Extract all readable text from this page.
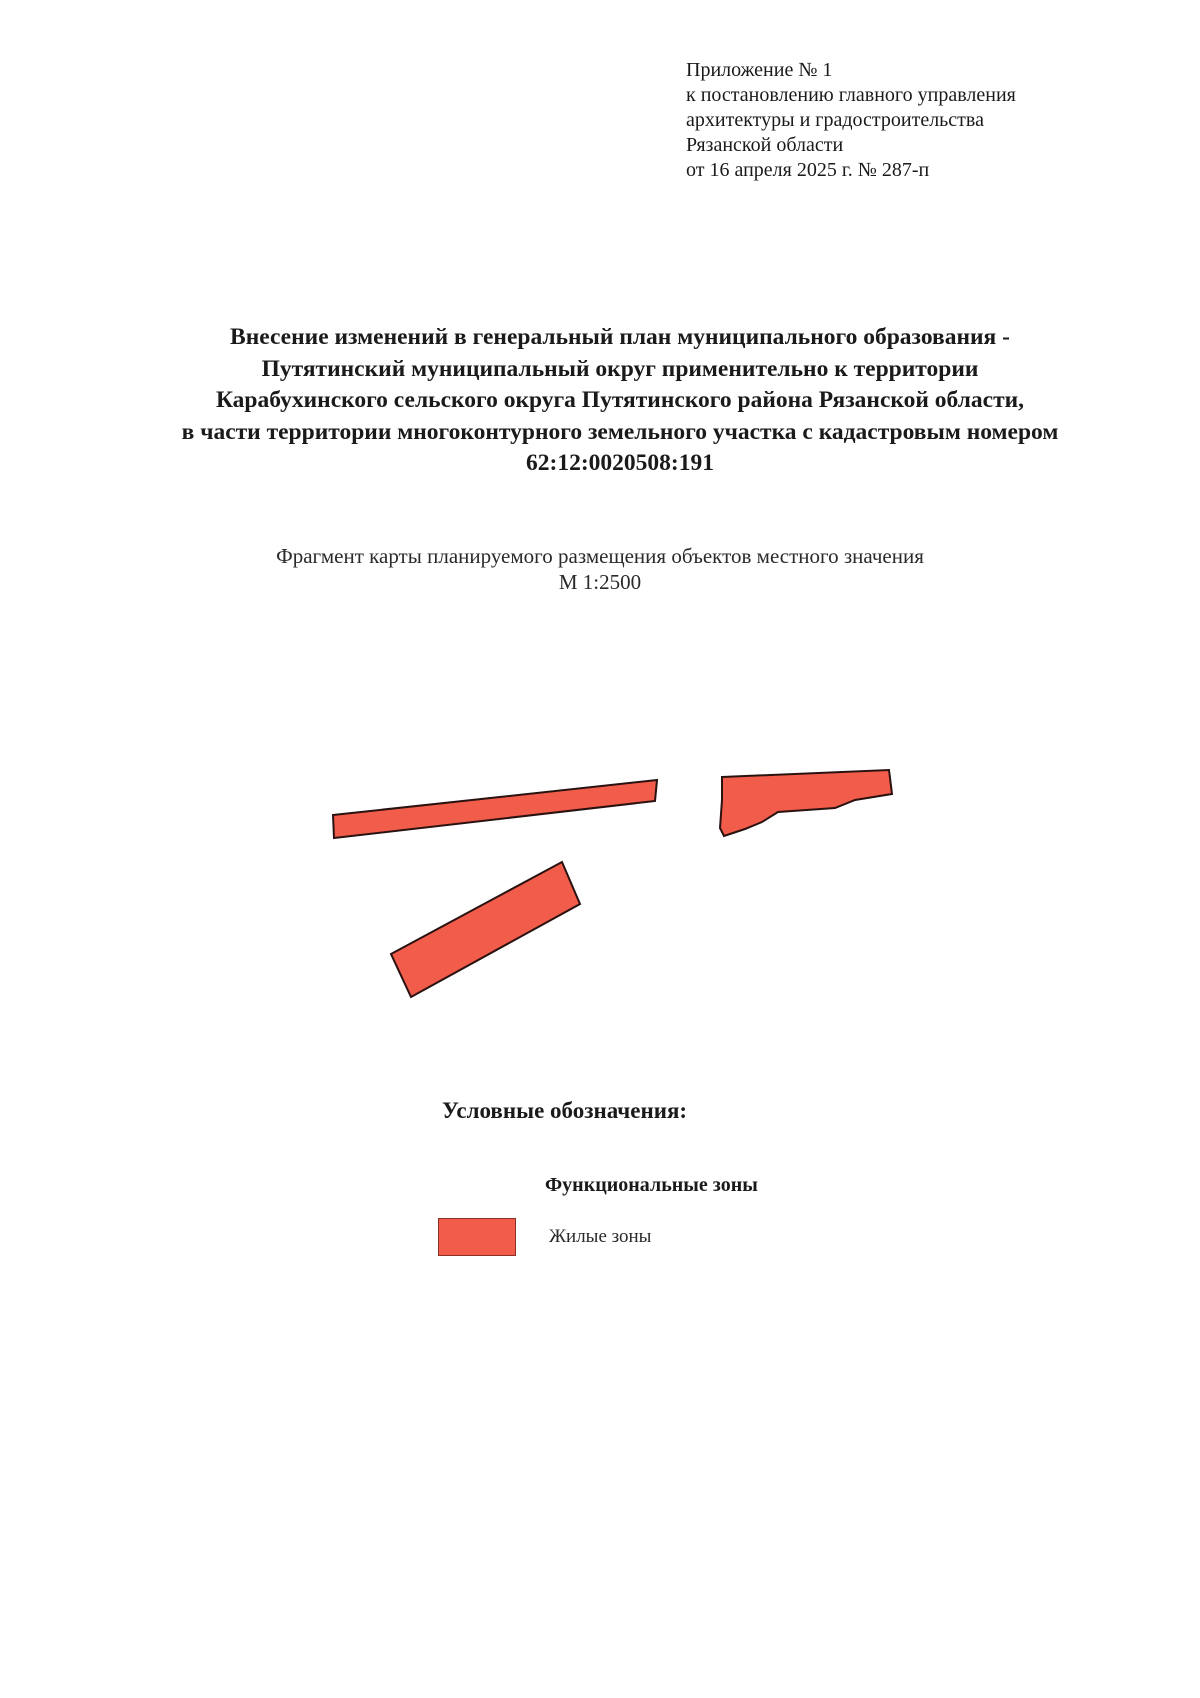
Приложение № 1
к постановлению главного управления
архитектуры и градостроительства
Рязанской области
от 16 апреля 2025 г. № 287-п
Внесение изменений в генеральный план муниципального образования -
Путятинский муниципальный округ применительно к территории
Карабухинского сельского округа Путятинского района Рязанской области,
в части территории многоконтурного земельного участка с кадастровым номером
62:12:0020508:191
Фрагмент карты планируемого размещения объектов местного значения
М 1:2500
Условные обозначения:
Функциональные зоны
Жилые зоны
